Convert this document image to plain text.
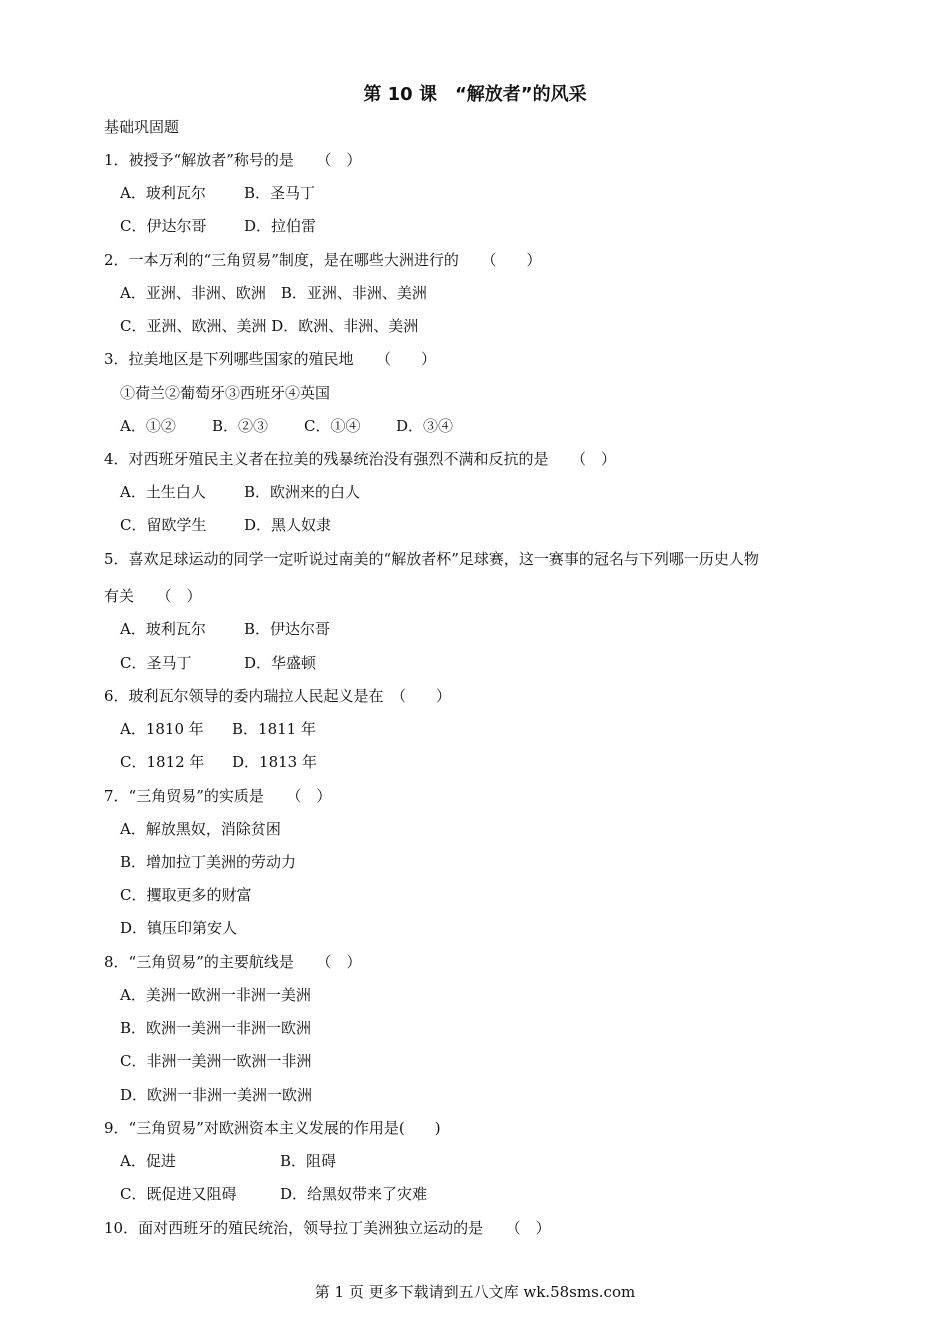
第 10 课　“解放者”的风采
基础巩固题
1．被授予“解放者”称号的是　　（　）
A．玻利瓦尔	B．圣马丁
C．伊达尔哥	D．拉伯雷
2．一本万利的“三角贸易”制度，是在哪些大洲进行的　　（　　）
A．亚洲、非洲、欧洲　B．亚洲、非洲、美洲
C．亚洲、欧洲、美洲 D．欧洲、非洲、美洲
3．拉美地区是下列哪些国家的殖民地　　（　　）
①荷兰②葡萄牙③西班牙④英国
A．①② B．②③ C．①④ D．③④
4．对西班牙殖民主义者在拉美的残暴统治没有强烈不满和反抗的是　　（　）
A．土生白人	B．欧洲来的白人
C．留欧学生	D．黑人奴隶
5．喜欢足球运动的同学一定听说过南美的“解放者杯”足球赛，这一赛事的冠名与下列哪一历史人物
有关　　（　）
A．玻利瓦尔	B．伊达尔哥
C．圣马丁	D．华盛顿
6．玻利瓦尔领导的委内瑞拉人民起义是在　（　　）
A．1810 年 B．1811 年
C．1812 年 D．1813 年
7．“三角贸易”的实质是　　（　）
A．解放黑奴，消除贫困
B．增加拉丁美洲的劳动力
C．攫取更多的财富
D．镇压印第安人
8．“三角贸易”的主要航线是　　（　）
A．美洲一欧洲一非洲一美洲
B．欧洲一美洲一非洲一欧洲
C．非洲一美洲一欧洲一非洲
D．欧洲一非洲一美洲一欧洲
9．“三角贸易”对欧洲资本主义发展的作用是(　　)
A．促进	B．阻碍
C．既促进又阻碍	D．给黑奴带来了灾难
10．面对西班牙的殖民统治，领导拉丁美洲独立运动的是　　（　）
第 1 页 更多下载请到五八文库 wk.58sms.com
